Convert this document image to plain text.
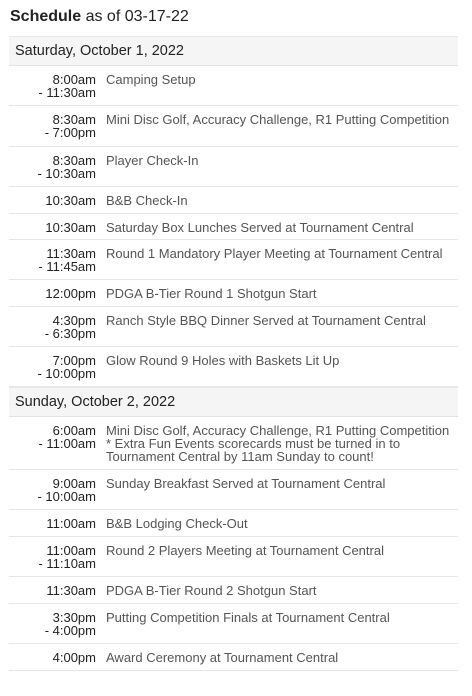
Schedule as of 03-17-22
Saturday, October 1, 2022
8:00am
- 11:30am
Camping Setup
8:30am
- 7:00pm
Mini Disc Golf, Accuracy Challenge, R1 Putting Competition
8:30am
- 10:30am
Player Check-In
10:30am B&B Check-In
10:30am Saturday Box Lunches Served at Tournament Central
11:30am
- 11:45am
Round 1 Mandatory Player Meeting at Tournament Central
12:00pm PDGA B-Tier Round 1 Shotgun Start
4:30pm
- 6:30pm
Ranch Style BBQ Dinner Served at Tournament Central
7:00pm
- 10:00pm
Glow Round 9 Holes with Baskets Lit Up
Sunday, October 2, 2022
6:00am
- 11:00am
Mini Disc Golf, Accuracy Challenge, R1 Putting Competition
* Extra Fun Events scorecards must be turned in to Tournament Central by 11am Sunday to count!
9:00am
- 10:00am
Sunday Breakfast Served at Tournament Central
11:00am B&B Lodging Check-Out
11:00am
- 11:10am
Round 2 Players Meeting at Tournament Central
11:30am PDGA B-Tier Round 2 Shotgun Start
3:30pm
- 4:00pm
Putting Competition Finals at Tournament Central
4:00pm Award Ceremony at Tournament Central
